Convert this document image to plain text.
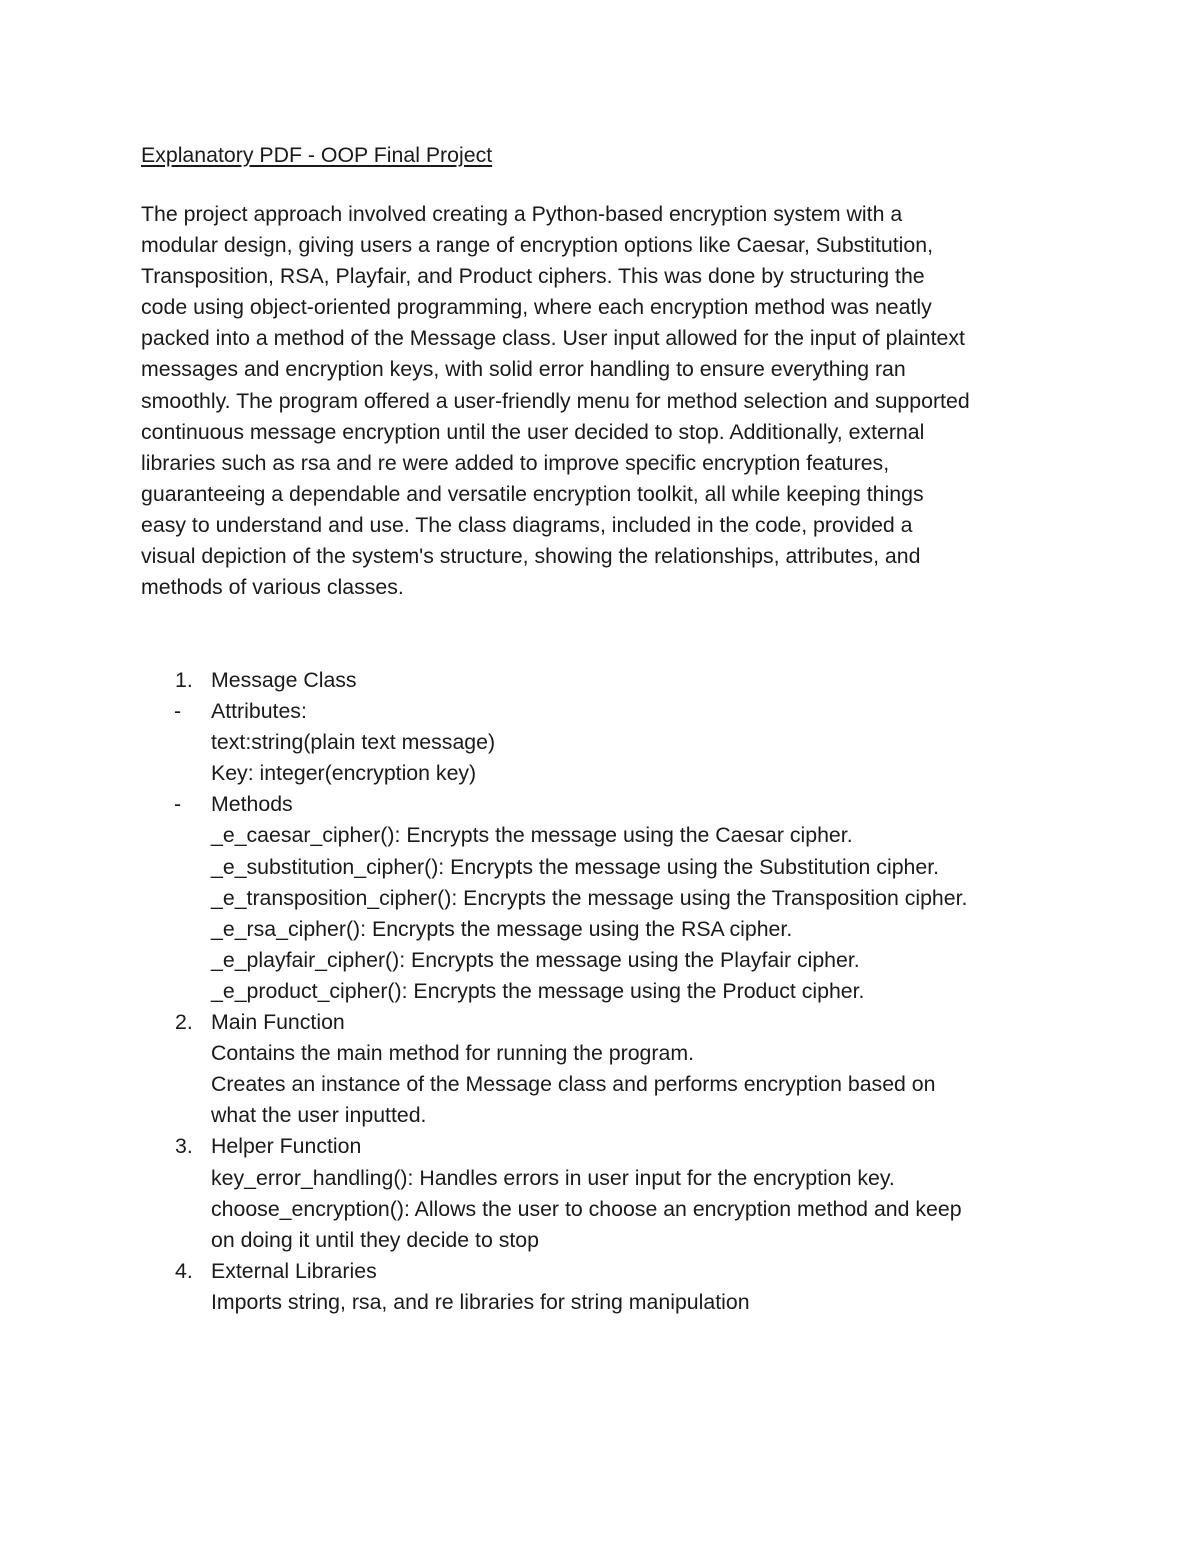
Explanatory PDF - OOP Final Project

The project approach involved creating a Python-based encryption system with a
modular design, giving users a range of encryption options like Caesar, Substitution,
Transposition, RSA, Playfair, and Product ciphers. This was done by structuring the
code using object-oriented programming, where each encryption method was neatly
packed into a method of the Message class. User input allowed for the input of plaintext
messages and encryption keys, with solid error handling to ensure everything ran
smoothly. The program offered a user-friendly menu for method selection and supported
continuous message encryption until the user decided to stop. Additionally, external
libraries such as rsa and re were added to improve specific encryption features,
guaranteeing a dependable and versatile encryption toolkit, all while keeping things
easy to understand and use. The class diagrams, included in the code, provided a
visual depiction of the system's structure, showing the relationships, attributes, and
methods of various classes.

1. Message Class
- Attributes:
text:string(plain text message)
Key: integer(encryption key)
- Methods
_e_caesar_cipher(): Encrypts the message using the Caesar cipher.
_e_substitution_cipher(): Encrypts the message using the Substitution cipher.
_e_transposition_cipher(): Encrypts the message using the Transposition cipher.
_e_rsa_cipher(): Encrypts the message using the RSA cipher.
_e_playfair_cipher(): Encrypts the message using the Playfair cipher.
_e_product_cipher(): Encrypts the message using the Product cipher.
2. Main Function
Contains the main method for running the program.
Creates an instance of the Message class and performs encryption based on
what the user inputted.
3. Helper Function
key_error_handling(): Handles errors in user input for the encryption key.
choose_encryption(): Allows the user to choose an encryption method and keep
on doing it until they decide to stop
4. External Libraries
Imports string, rsa, and re libraries for string manipulation
